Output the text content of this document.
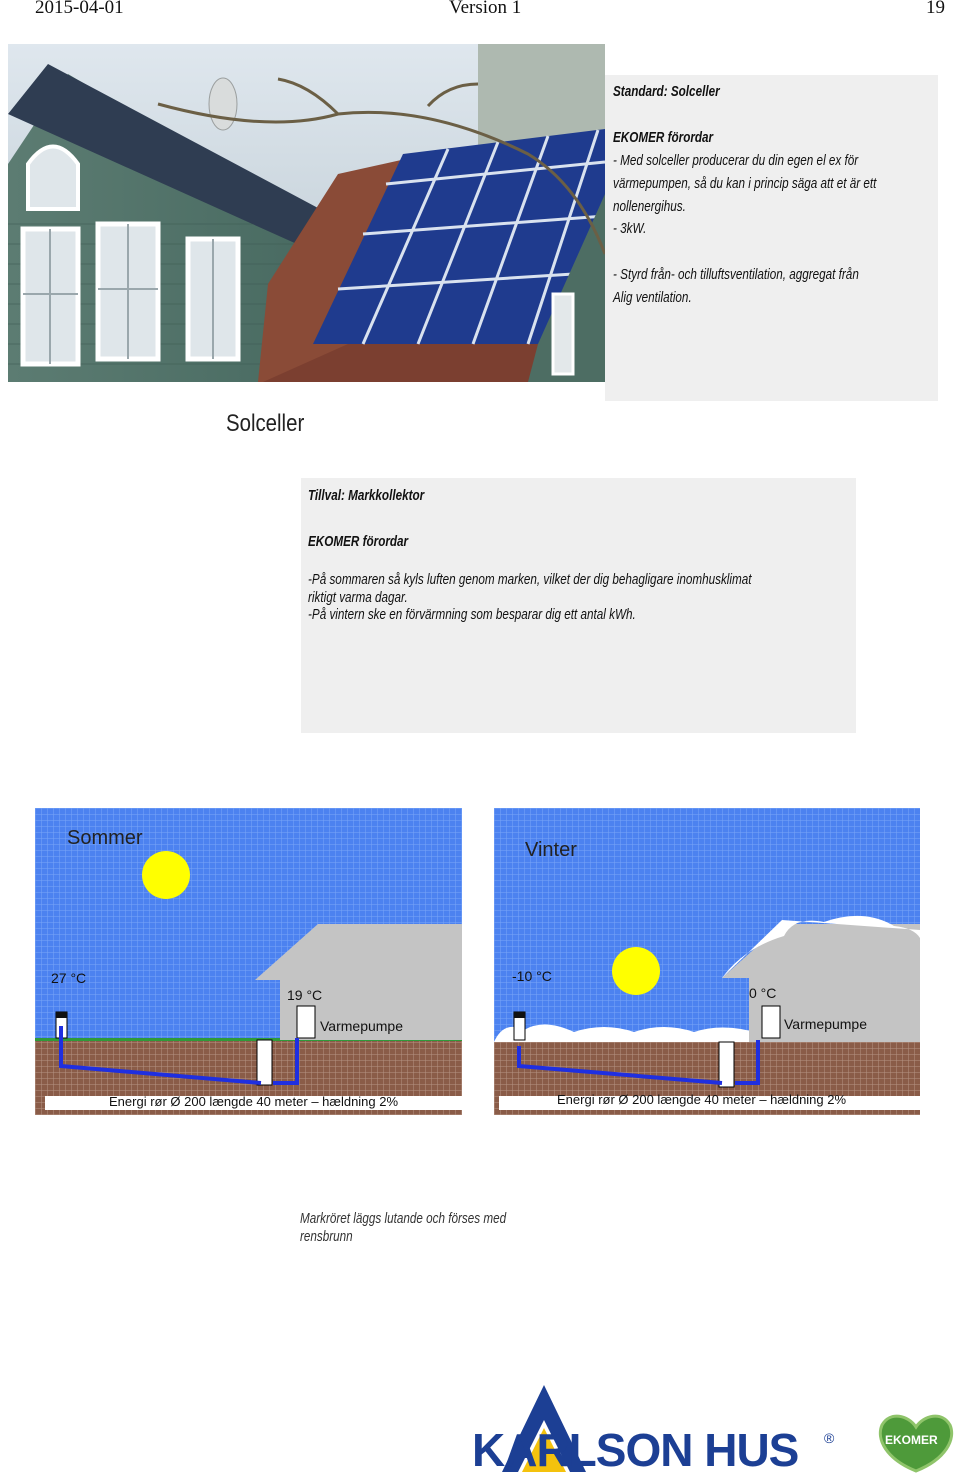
2015-04-01	Version 1	19
Standard: Solceller
EKOMER förordar
- Med solceller producerar du din egen el ex för
värmepumpen, så du kan i princip säga att et är ett
nollenergihus.
- 3kW.
- Styrd från- och tilluftsventilation, aggregat från
Alig ventilation.
Solceller
Tillval: Markkollektor
EKOMER förordar
-På sommaren så kyls luften genom marken, vilket der dig behagligare inomhusklimat
riktigt varma dagar.
-På vintern ske en förvärmning som besparar dig ett antal kWh.
Sommer
27 °C
19 °C
Varmepumpe
Energi rør Ø 200 længde 40 meter – hældning 2%
Vinter
-10 °C
0 °C
Varmepumpe
Energi rør Ø 200 længde 40 meter – hældning 2%
Markröret läggs lutande och förses med
rensbrunn
KARLSON HUS	®	EKOMER
